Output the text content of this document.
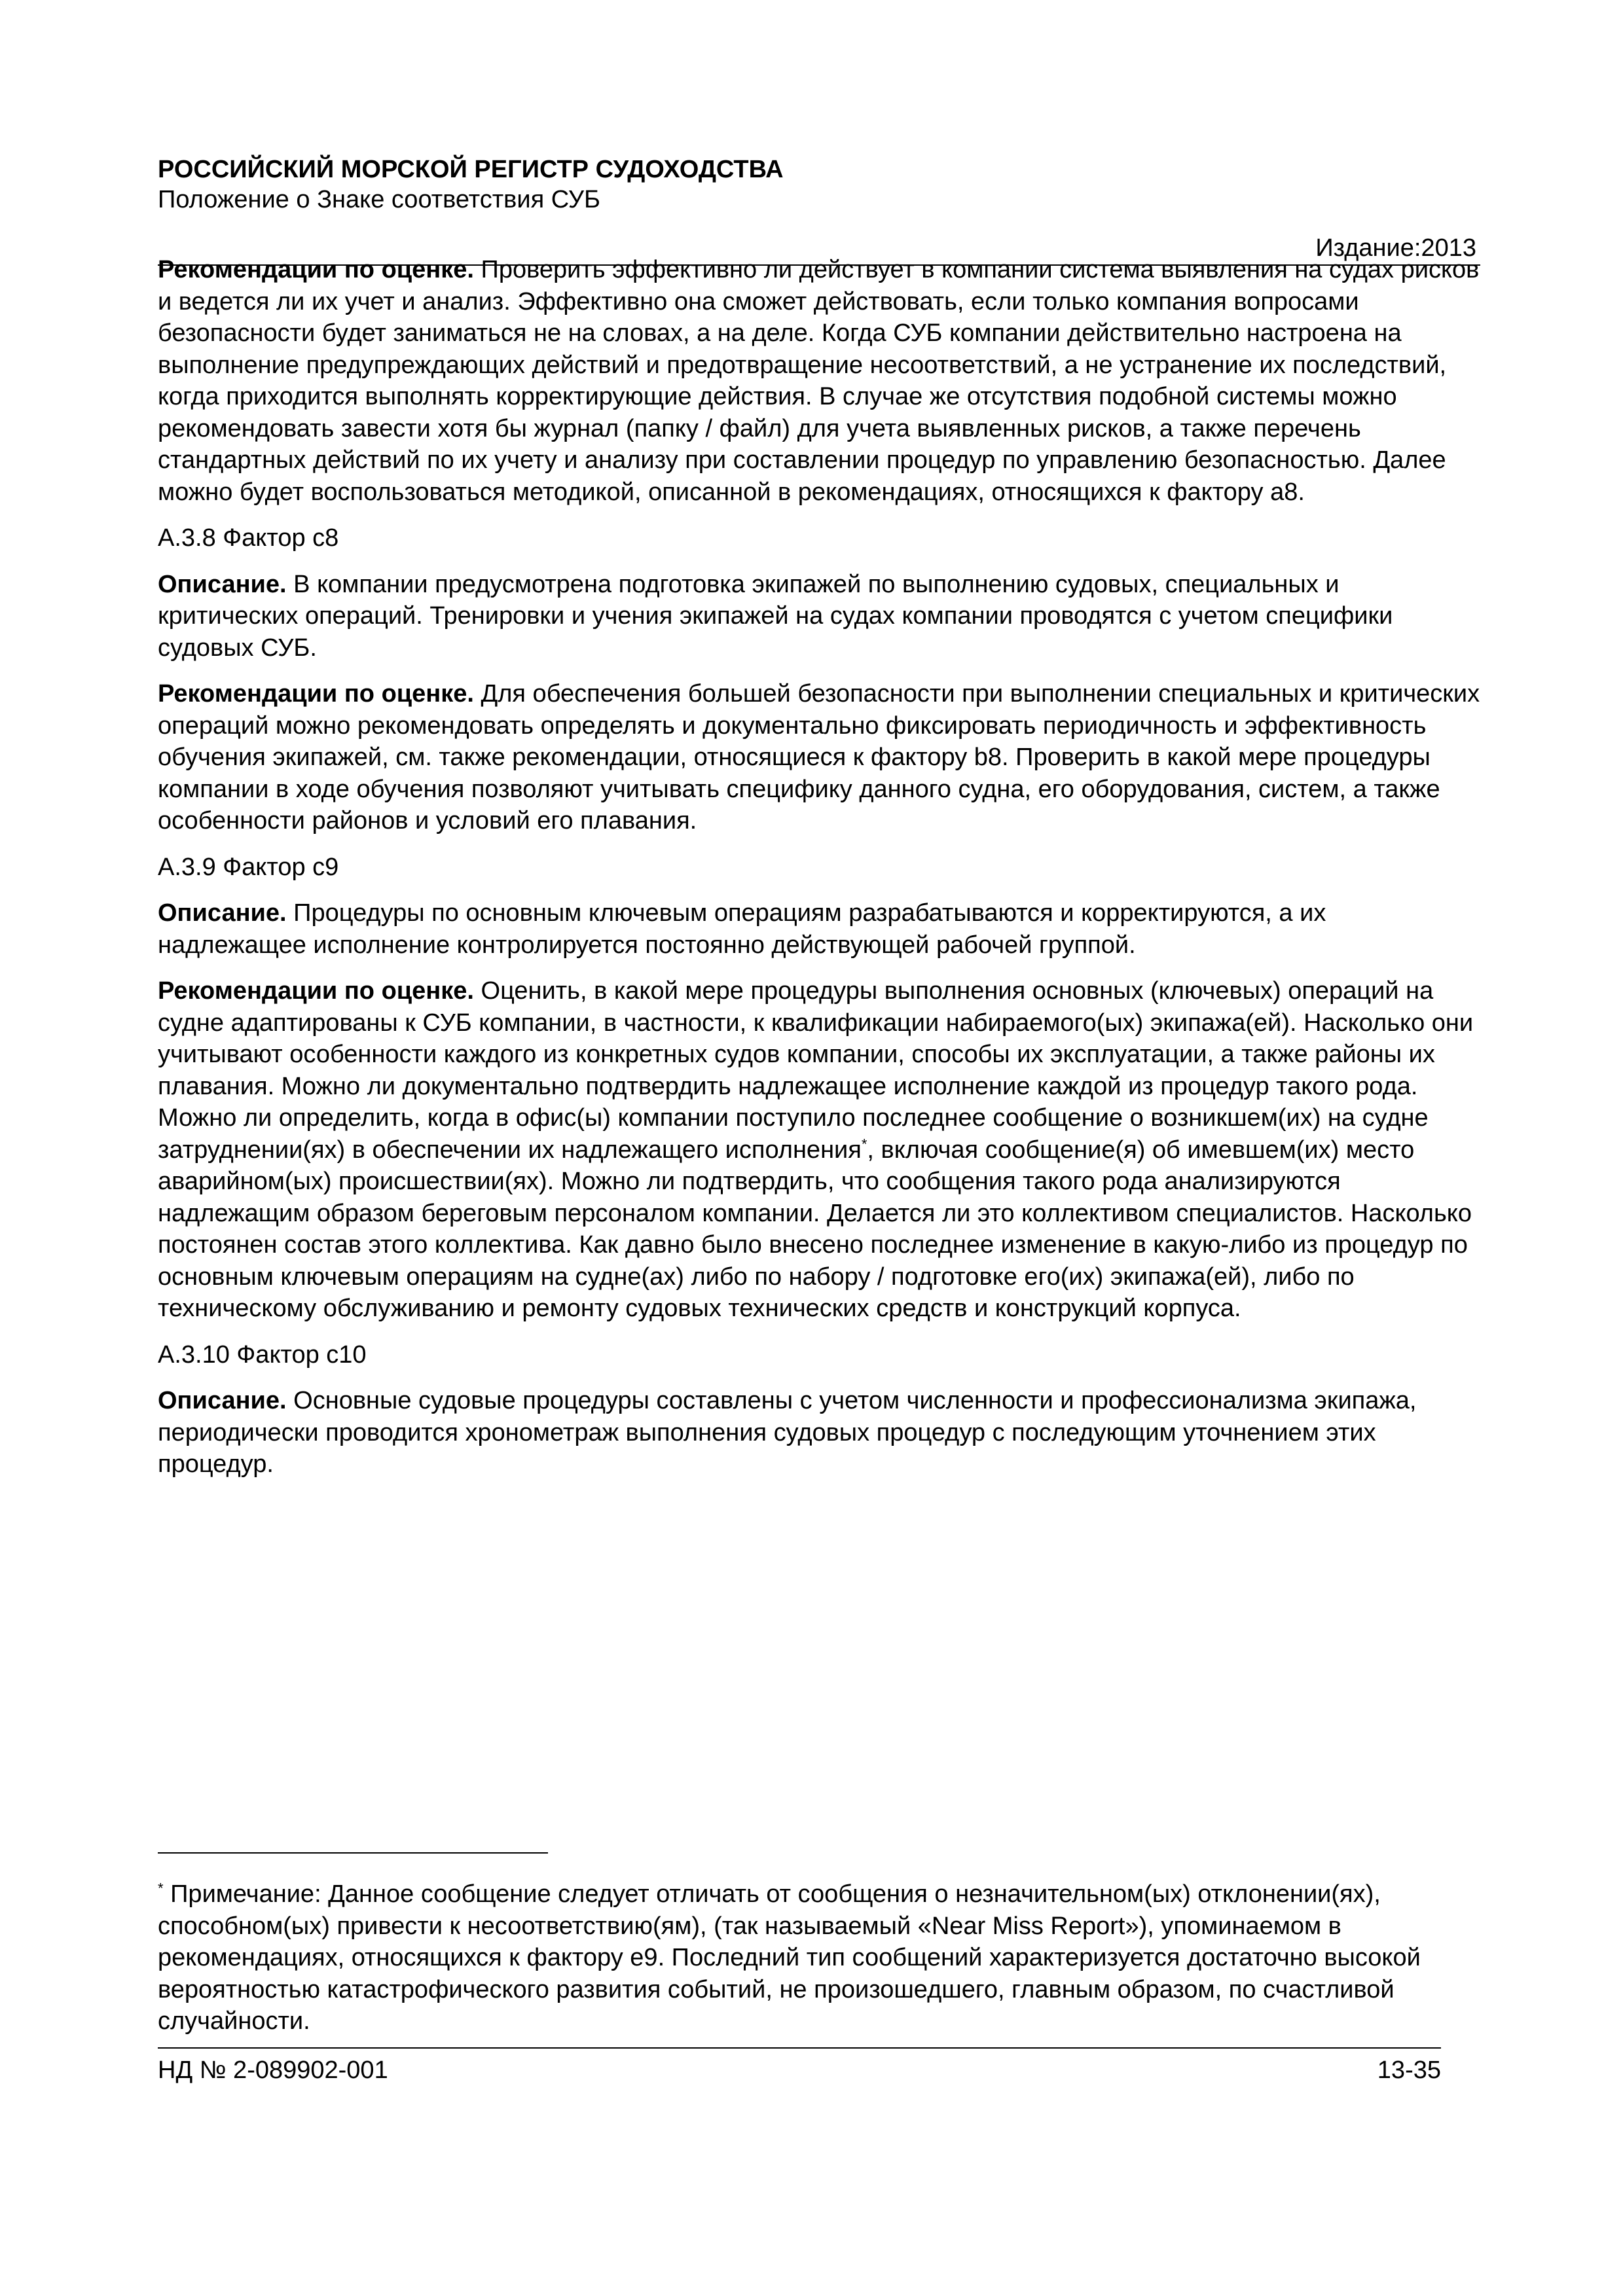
РОССИЙСКИЙ МОРСКОЙ РЕГИСТР СУДОХОДСТВА

Положение о Знаке соответствия СУБ

Издание:2013

Рекомендации по оценке. Проверить эффективно ли действует в компании система выявления на судах рисков и ведется ли их учет и анализ. Эффективно она сможет действовать, если только компания вопросами безопасности будет заниматься не на словах, а на деле. Когда СУБ компании действительно настроена на выполнение предупреждающих действий и предотвращение несоответствий, а не устранение их последствий, когда приходится выполнять корректирующие действия. В случае же отсутствия подобной системы можно рекомендовать завести хотя бы журнал (папку / файл) для учета выявленных рисков, а также перечень стандартных действий по их учету и анализу при составлении процедур по управлению безопасностью. Далее можно будет воспользоваться методикой, описанной в рекомендациях, относящихся к фактору a8.

A.3.8 Фактор c8

Описание. В компании предусмотрена подготовка экипажей по выполнению судовых, специальных и критических операций. Тренировки и учения экипажей на судах компании проводятся с учетом специфики судовых СУБ.

Рекомендации по оценке. Для обеспечения большей безопасности при выполнении специальных и критических операций можно рекомендовать определять и документально фиксировать периодичность и эффективность обучения экипажей, см. также рекомендации, относящиеся к фактору b8. Проверить в какой мере процедуры компании в ходе обучения позволяют учитывать специфику данного судна, его оборудования, систем, а также особенности районов и условий его плавания.

A.3.9 Фактор c9

Описание. Процедуры по основным ключевым операциям разрабатываются и корректируются, а их надлежащее исполнение контролируется постоянно действующей рабочей группой.

Рекомендации по оценке. Оценить, в какой мере процедуры выполнения основных (ключевых) операций на судне адаптированы к СУБ компании, в частности, к квалификации набираемого(ых) экипажа(ей). Насколько они учитывают особенности каждого из конкретных судов компании, способы их эксплуатации, а также районы их плавания. Можно ли документально подтвердить надлежащее исполнение каждой из процедур такого рода. Можно ли определить, когда в офис(ы) компании поступило последнее сообщение о возникшем(их) на судне затруднении(ях) в обеспечении их надлежащего исполнения*, включая сообщение(я) об имевшем(их) место аварийном(ых) происшествии(ях). Можно ли подтвердить, что сообщения такого рода анализируются надлежащим образом береговым персоналом компании. Делается ли это коллективом специалистов. Насколько постоянен состав этого коллектива. Как давно было внесено последнее изменение в какую-либо из процедур по основным ключевым операциям на судне(ах) либо по набору / подготовке его(их) экипажа(ей), либо по техническому обслуживанию и ремонту судовых технических средств и конструкций корпуса.

A.3.10 Фактор c10

Описание. Основные судовые процедуры составлены с учетом численности и профессионализма экипажа, периодически проводится хронометраж выполнения судовых процедур с последующим уточнением этих процедур.

* Примечание: Данное сообщение следует отличать от сообщения о незначительном(ых) отклонении(ях), способном(ых) привести к несоответствию(ям), (так называемый «Near Miss Report»), упоминаемом в рекомендациях, относящихся к фактору e9. Последний тип сообщений характеризуется достаточно высокой вероятностью катастрофического развития событий, не произошедшего, главным образом, по счастливой случайности.
НД № 2-089902-001	13-35
